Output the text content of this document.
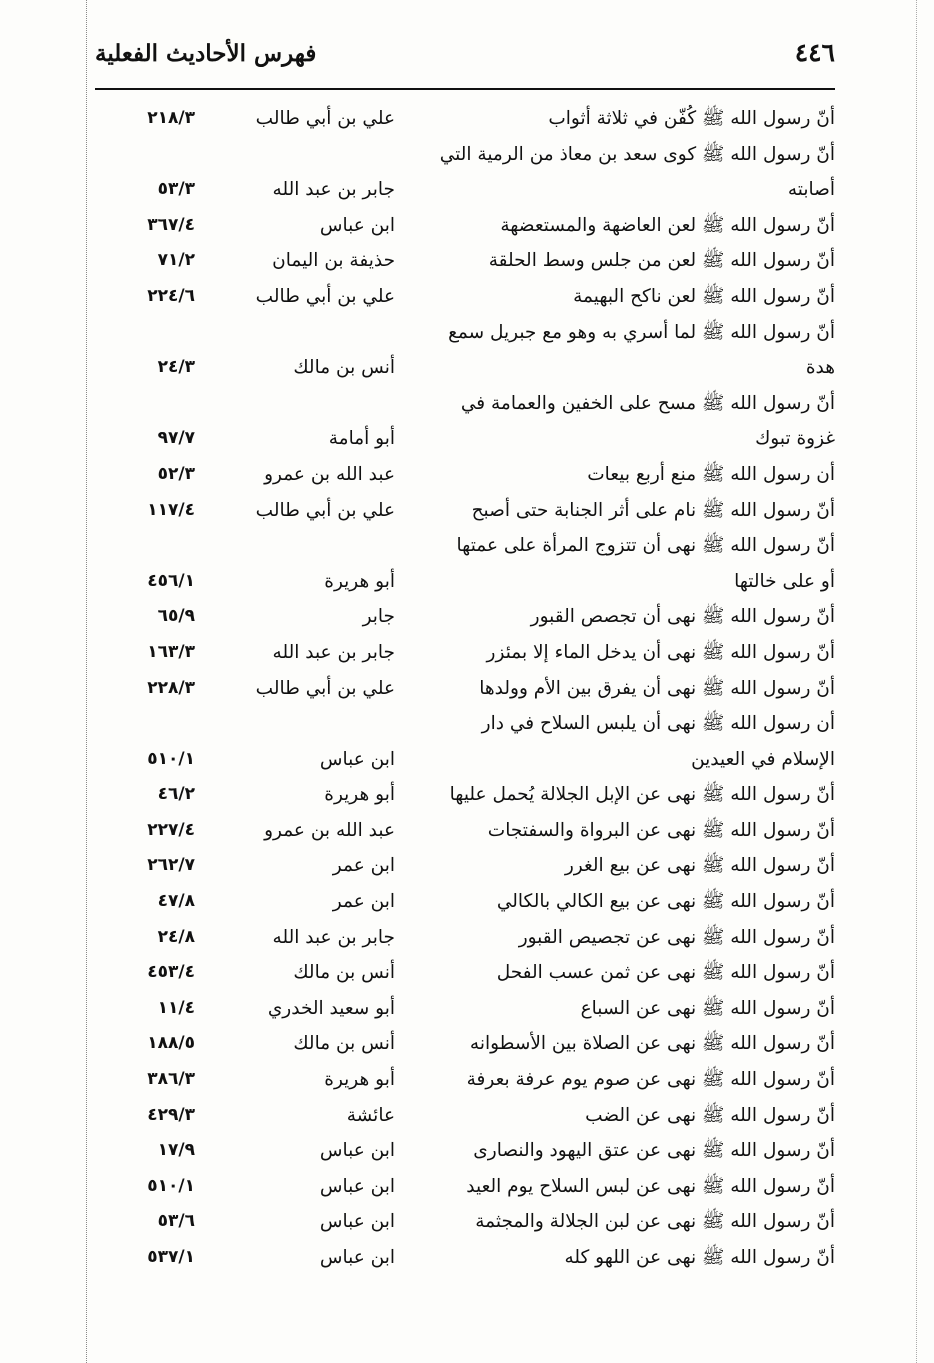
٤٤٦
فهرس الأحاديث الفعلية
أنّ رسول الله ﷺ كُفّن في ثلاثة أثواب
علي بن أبي طالب
٢١٨/٣
أنّ رسول الله ﷺ كوى سعد بن معاذ من الرمية التي
أصابته
جابر بن عبد الله
٥٣/٣
أنّ رسول الله ﷺ لعن العاضهة والمستعضهة
ابن عباس
٣٦٧/٤
أنّ رسول الله ﷺ لعن من جلس وسط الحلقة
حذيفة بن اليمان
٧١/٢
أنّ رسول الله ﷺ لعن ناكح البهيمة
علي بن أبي طالب
٢٢٤/٦
أنّ رسول الله ﷺ لما أسري به وهو مع جبريل سمع
هدة
أنس بن مالك
٢٤/٣
أنّ رسول الله ﷺ مسح على الخفين والعمامة في
غزوة تبوك
أبو أمامة
٩٧/٧
أن رسول الله ﷺ منع أربع بيعات
عبد الله بن عمرو
٥٢/٣
أنّ رسول الله ﷺ نام على أثر الجنابة حتى أصبح
علي بن أبي طالب
١١٧/٤
أنّ رسول الله ﷺ نهى أن تتزوج المرأة على عمتها
أو على خالتها
أبو هريرة
٤٥٦/١
أنّ رسول الله ﷺ نهى أن تجصص القبور
جابر
٦٥/٩
أنّ رسول الله ﷺ نهى أن يدخل الماء إلا بمئزر
جابر بن عبد الله
١٦٣/٣
أنّ رسول الله ﷺ نهى أن يفرق بين الأم وولدها
علي بن أبي طالب
٢٢٨/٣
أن رسول الله ﷺ نهى أن يلبس السلاح في دار
الإسلام في العيدين
ابن عباس
٥١٠/١
أنّ رسول الله ﷺ نهى عن الإبل الجلالة يُحمل عليها
أبو هريرة
٤٦/٢
أنّ رسول الله ﷺ نهى عن البرواة والسفتجات
عبد الله بن عمرو
٢٢٧/٤
أنّ رسول الله ﷺ نهى عن بيع الغرر
ابن عمر
٢٦٢/٧
أنّ رسول الله ﷺ نهى عن بيع الكالي بالكالي
ابن عمر
٤٧/٨
أنّ رسول الله ﷺ نهى عن تجصيص القبور
جابر بن عبد الله
٢٤/٨
أنّ رسول الله ﷺ نهى عن ثمن عسب الفحل
أنس بن مالك
٤٥٣/٤
أنّ رسول الله ﷺ نهى عن السباع
أبو سعيد الخدري
١١/٤
أنّ رسول الله ﷺ نهى عن الصلاة بين الأسطوانه
أنس بن مالك
١٨٨/٥
أنّ رسول الله ﷺ نهى عن صوم يوم عرفة بعرفة
أبو هريرة
٣٨٦/٣
أنّ رسول الله ﷺ نهى عن الضب
عائشة
٤٢٩/٣
أنّ رسول الله ﷺ نهى عن عتق اليهود والنصارى
ابن عباس
١٧/٩
أنّ رسول الله ﷺ نهى عن لبس السلاح يوم العيد
ابن عباس
٥١٠/١
أنّ رسول الله ﷺ نهى عن لبن الجلالة والمجثمة
ابن عباس
٥٣/٦
أنّ رسول الله ﷺ نهى عن اللهو كله
ابن عباس
٥٣٧/١
